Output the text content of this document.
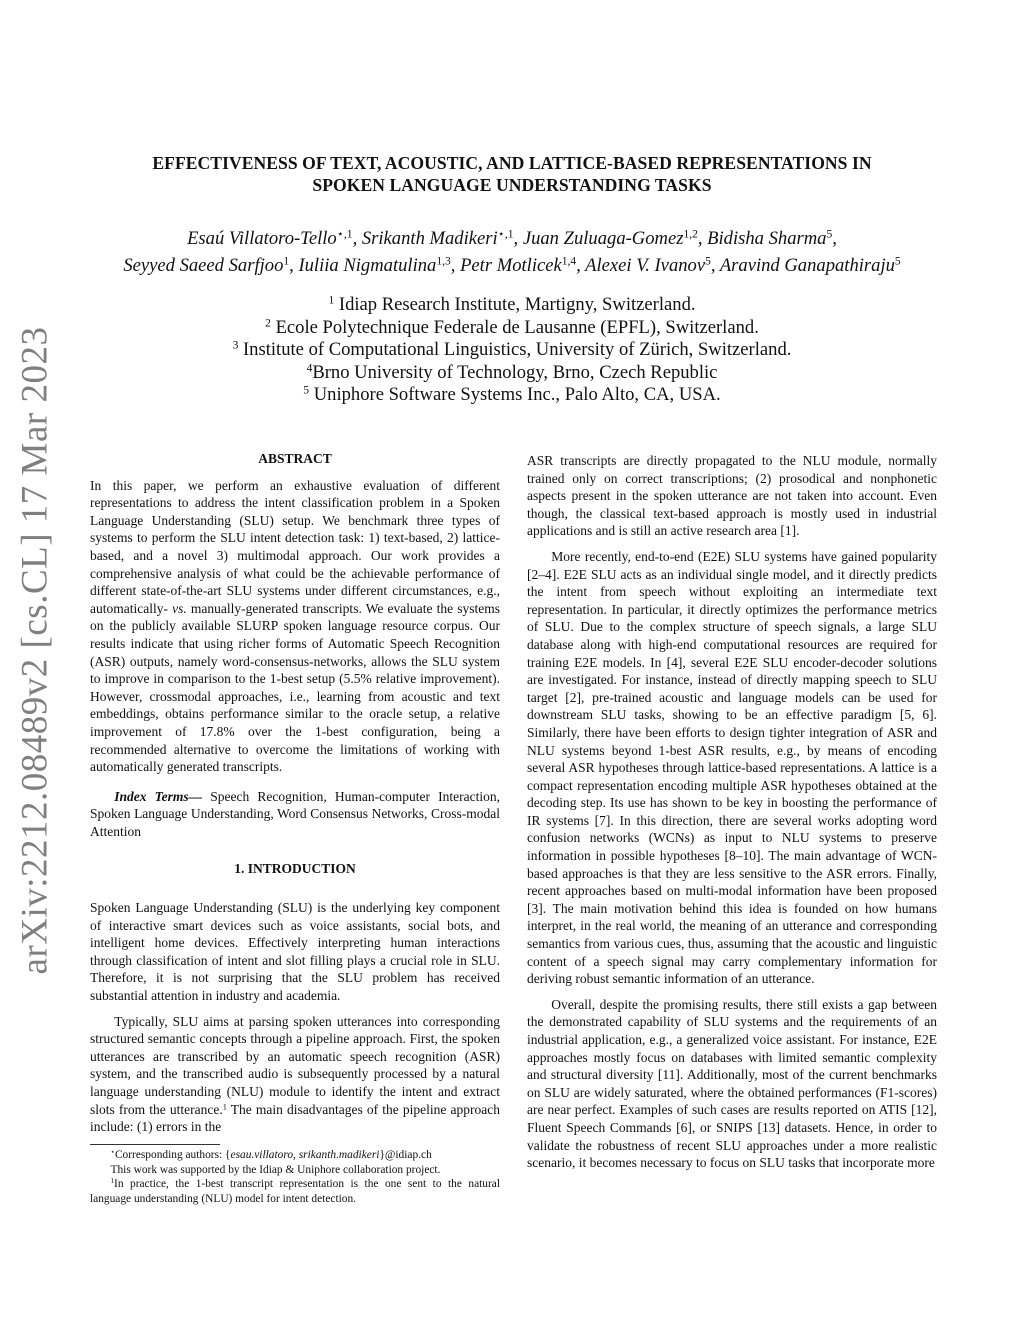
arXiv:2212.08489v2 [cs.CL] 17 Mar 2023
EFFECTIVENESS OF TEXT, ACOUSTIC, AND LATTICE-BASED REPRESENTATIONS IN
SPOKEN LANGUAGE UNDERSTANDING TASKS
Esaú Villatoro-Tello$^{⋆,1}$, Srikanth Madikeri$^{⋆,1}$, Juan Zuluaga-Gomez$^{1,2}$, Bidisha Sharma$^5$,
Seyyed Saeed Sarfjoo$^1$, Iuliia Nigmatulina$^{1,3}$, Petr Motlicek$^{1,4}$, Alexei V. Ivanov$^5$, Aravind Ganapathiraju$^5$
$^1$ Idiap Research Institute, Martigny, Switzerland.
$^2$ Ecole Polytechnique Federale de Lausanne (EPFL), Switzerland.
$^3$ Institute of Computational Linguistics, University of Zürich, Switzerland.
$^4$Brno University of Technology, Brno, Czech Republic
$^5$ Uniphore Software Systems Inc., Palo Alto, CA, USA.
ABSTRACT

In this paper, we perform an exhaustive evaluation of different representations to address the intent classification problem in a Spoken Language Understanding (SLU) setup. We benchmark three types of systems to perform the SLU intent detection task: 1) text-based, 2) lattice-based, and a novel 3) multimodal approach. Our work provides a comprehensive analysis of what could be the achievable performance of different state-of-the-art SLU systems under different circumstances, e.g., automatically- vs. manually-generated transcripts. We evaluate the systems on the publicly available SLURP spoken language resource corpus. Our results indicate that using richer forms of Automatic Speech Recognition (ASR) outputs, namely word-consensus-networks, allows the SLU system to improve in comparison to the 1-best setup (5.5% relative improvement). However, crossmodal approaches, i.e., learning from acoustic and text embeddings, obtains performance similar to the oracle setup, a relative improvement of 17.8% over the 1-best configuration, being a recommended alternative to overcome the limitations of working with automatically generated transcripts.

Index Terms— Speech Recognition, Human-computer Interaction, Spoken Language Understanding, Word Consensus Networks, Cross-modal Attention

1. INTRODUCTION

Spoken Language Understanding (SLU) is the underlying key component of interactive smart devices such as voice assistants, social bots, and intelligent home devices. Effectively interpreting human interactions through classification of intent and slot filling plays a crucial role in SLU. Therefore, it is not surprising that the SLU problem has received substantial attention in industry and academia.

Typically, SLU aims at parsing spoken utterances into corresponding structured semantic concepts through a pipeline approach. First, the spoken utterances are transcribed by an automatic speech recognition (ASR) system, and the transcribed audio is subsequently processed by a natural language understanding (NLU) module to identify the intent and extract slots from the utterance.$^1$ The main disadvantages of the pipeline approach include: (1) errors in the

⋆Corresponding authors: {esau.villatoro, srikanth.madikeri}@idiap.ch

This work was supported by the Idiap & Uniphore collaboration project.

$^1$In practice, the 1-best transcript representation is the one sent to the natural language understanding (NLU) model for intent detection.

ASR transcripts are directly propagated to the NLU module, normally trained only on correct transcriptions; (2) prosodical and nonphonetic aspects present in the spoken utterance are not taken into account. Even though, the classical text-based approach is mostly used in industrial applications and is still an active research area [1].

More recently, end-to-end (E2E) SLU systems have gained popularity [2–4]. E2E SLU acts as an individual single model, and it directly predicts the intent from speech without exploiting an intermediate text representation. In particular, it directly optimizes the performance metrics of SLU. Due to the complex structure of speech signals, a large SLU database along with high-end computational resources are required for training E2E models. In [4], several E2E SLU encoder-decoder solutions are investigated. For instance, instead of directly mapping speech to SLU target [2], pre-trained acoustic and language models can be used for downstream SLU tasks, showing to be an effective paradigm [5, 6]. Similarly, there have been efforts to design tighter integration of ASR and NLU systems beyond 1-best ASR results, e.g., by means of encoding several ASR hypotheses through lattice-based representations. A lattice is a compact representation encoding multiple ASR hypotheses obtained at the decoding step. Its use has shown to be key in boosting the performance of IR systems [7]. In this direction, there are several works adopting word confusion networks (WCNs) as input to NLU systems to preserve information in possible hypotheses [8–10]. The main advantage of WCN-based approaches is that they are less sensitive to the ASR errors. Finally, recent approaches based on multi-modal information have been proposed [3]. The main motivation behind this idea is founded on how humans interpret, in the real world, the meaning of an utterance and corresponding semantics from various cues, thus, assuming that the acoustic and linguistic content of a speech signal may carry complementary information for deriving robust semantic information of an utterance.

Overall, despite the promising results, there still exists a gap between the demonstrated capability of SLU systems and the requirements of an industrial application, e.g., a generalized voice assistant. For instance, E2E approaches mostly focus on databases with limited semantic complexity and structural diversity [11]. Additionally, most of the current benchmarks on SLU are widely saturated, where the obtained performances (F1-scores) are near perfect. Examples of such cases are results reported on ATIS [12], Fluent Speech Commands [6], or SNIPS [13] datasets. Hence, in order to validate the robustness of recent SLU approaches under a more realistic scenario, it becomes necessary to focus on SLU tasks that incorporate more
